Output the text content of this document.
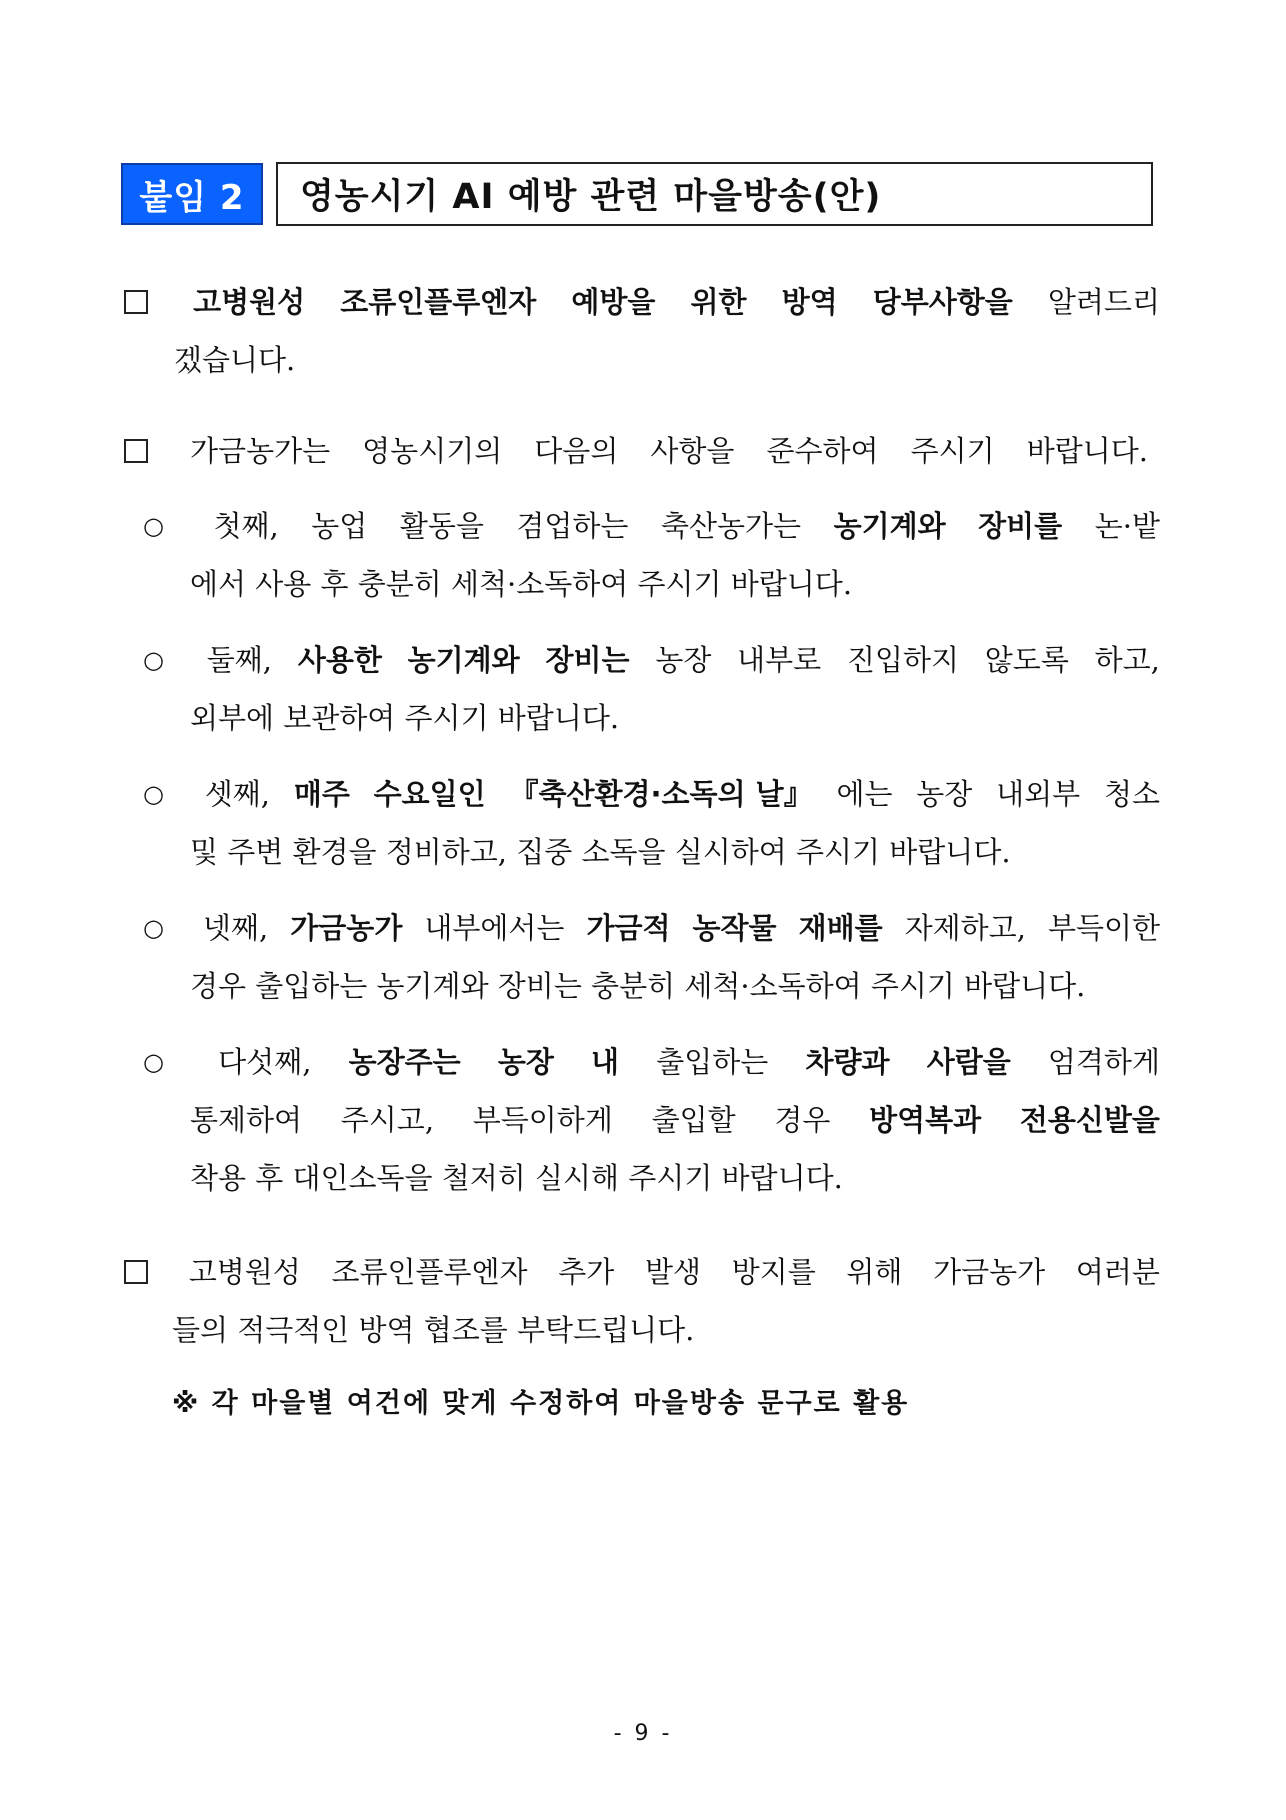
붙임 2	영농시기 AI 예방 관련 마을방송(안)
고병원성 조류인플루엔자 예방을 위한 방역 당부사항을 알려드리
겠습니다.
가금농가는 영농시기의 다음의 사항을 준수하여 주시기 바랍니다.
○	첫째, 농업 활동을 겸업하는 축산농가는 농기계와 장비를 논·밭
에서 사용 후 충분히 세척·소독하여 주시기 바랍니다.
○	둘째, 사용한 농기계와 장비는 농장 내부로 진입하지 않도록 하고,
외부에 보관하여 주시기 바랍니다.
○	셋째, 매주 수요일인 『축산환경·소독의 날』 에는 농장 내외부 청소
및 주변 환경을 정비하고, 집중 소독을 실시하여 주시기 바랍니다.
○	넷째, 가금농가 내부에서는 가금적 농작물 재배를 자제하고, 부득이한
경우 출입하는 농기계와 장비는 충분히 세척·소독하여 주시기 바랍니다.
○	다섯째, 농장주는 농장 내 출입하는 차량과 사람을 엄격하게
통제하여 주시고, 부득이하게 출입할 경우 방역복과 전용신발을
착용 후 대인소독을 철저히 실시해 주시기 바랍니다.
고병원성 조류인플루엔자 추가 발생 방지를 위해 가금농가 여러분
들의 적극적인 방역 협조를 부탁드립니다.
※ 각 마을별 여건에 맞게 수정하여 마을방송 문구로 활용
- 9 -
